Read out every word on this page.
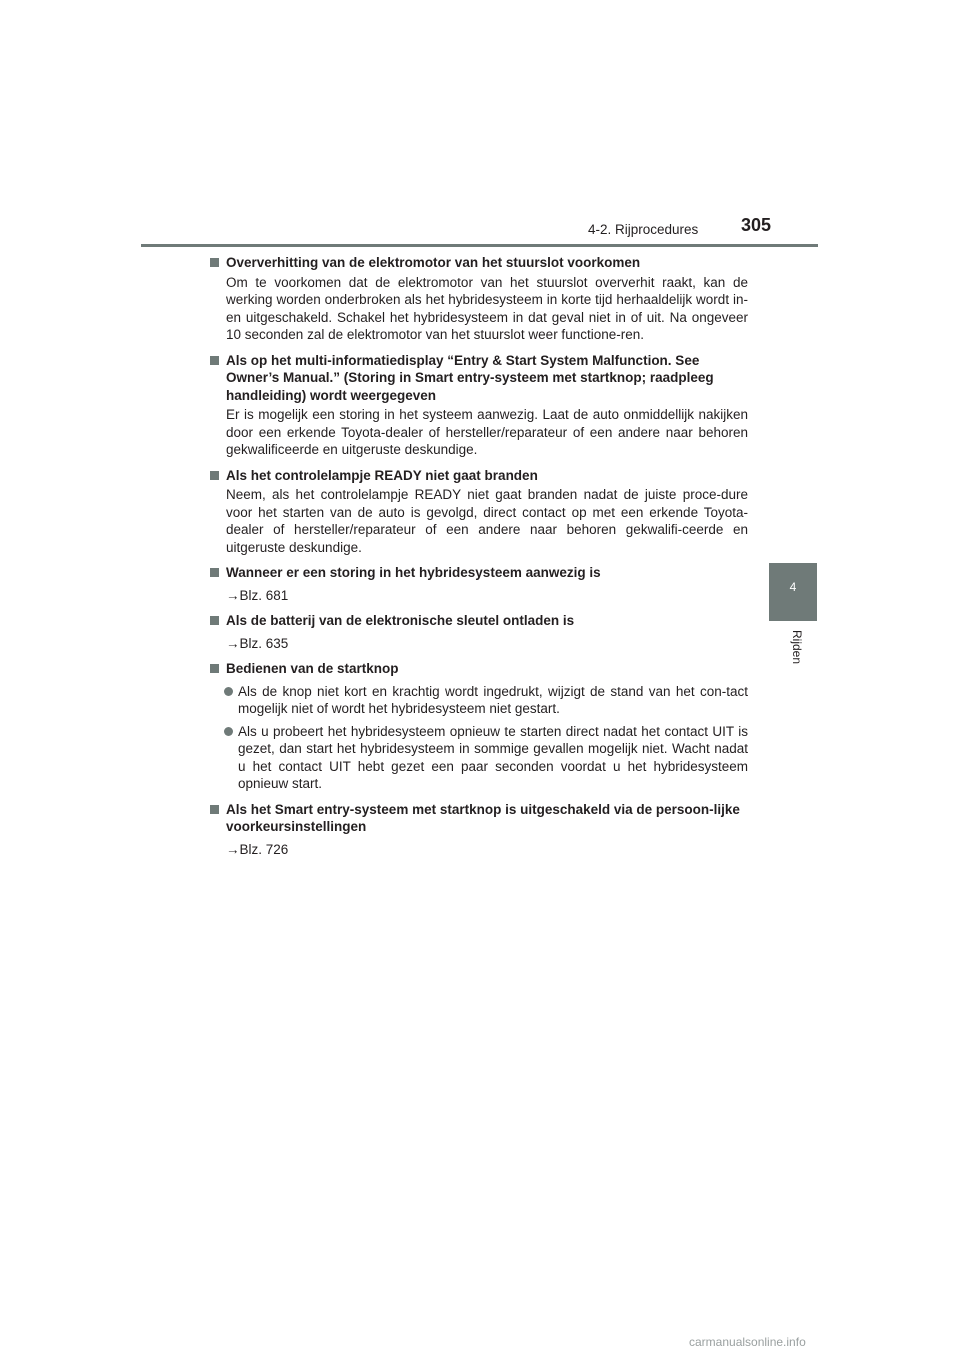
4-2. Rijprocedures 305
4
Rijden
Oververhitting van de elektromotor van het stuurslot voorkomen
Om te voorkomen dat de elektromotor van het stuurslot oververhit raakt, kan de werking worden onderbroken als het hybridesysteem in korte tijd herhaaldelijk wordt in- en uitgeschakeld. Schakel het hybridesysteem in dat geval niet in of uit. Na ongeveer 10 seconden zal de elektromotor van het stuurslot weer functione-ren.
Als op het multi-informatiedisplay “Entry & Start System Malfunction. See Owner’s Manual.” (Storing in Smart entry-systeem met startknop; raadpleeg handleiding) wordt weergegeven
Er is mogelijk een storing in het systeem aanwezig. Laat de auto onmiddellijk nakijken door een erkende Toyota-dealer of hersteller/reparateur of een andere naar behoren gekwalificeerde en uitgeruste deskundige.
Als het controlelampje READY niet gaat branden
Neem, als het controlelampje READY niet gaat branden nadat de juiste proce-dure voor het starten van de auto is gevolgd, direct contact op met een erkende Toyota-dealer of hersteller/reparateur of een andere naar behoren gekwalifi-ceerde en uitgeruste deskundige.
Wanneer er een storing in het hybridesysteem aanwezig is
→Blz. 681
Als de batterij van de elektronische sleutel ontladen is
→Blz. 635
Bedienen van de startknop
Als de knop niet kort en krachtig wordt ingedrukt, wijzigt de stand van het con-tact mogelijk niet of wordt het hybridesysteem niet gestart.
Als u probeert het hybridesysteem opnieuw te starten direct nadat het contact UIT is gezet, dan start het hybridesysteem in sommige gevallen mogelijk niet. Wacht nadat u het contact UIT hebt gezet een paar seconden voordat u het hybridesysteem opnieuw start.
Als het Smart entry-systeem met startknop is uitgeschakeld via de persoon-lijke voorkeursinstellingen
→Blz. 726
carmanualsonline.info
